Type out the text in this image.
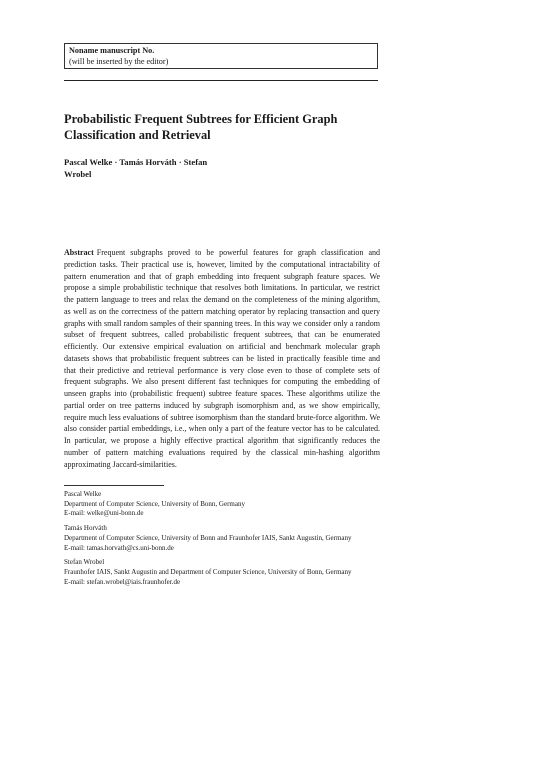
Noname manuscript No.
(will be inserted by the editor)
Probabilistic Frequent Subtrees for Efficient Graph
Classification and Retrieval
Pascal Welke · Tamás Horváth · Stefan
Wrobel
Abstract Frequent subgraphs proved to be powerful features for graph classification and prediction tasks. Their practical use is, however, limited by the computational intractability of pattern enumeration and that of graph embedding into frequent subgraph feature spaces. We propose a simple probabilistic technique that resolves both limitations. In particular, we restrict the pattern language to trees and relax the demand on the completeness of the mining algorithm, as well as on the correctness of the pattern matching operator by replacing transaction and query graphs with small random samples of their spanning trees. In this way we consider only a random subset of frequent subtrees, called probabilistic frequent subtrees, that can be enumerated efficiently. Our extensive empirical evaluation on artificial and benchmark molecular graph datasets shows that probabilistic frequent subtrees can be listed in practically feasible time and that their predictive and retrieval performance is very close even to those of complete sets of frequent subgraphs. We also present different fast techniques for computing the embedding of unseen graphs into (probabilistic frequent) subtree feature spaces. These algorithms utilize the partial order on tree patterns induced by subgraph isomorphism and, as we show empirically, require much less evaluations of subtree isomorphism than the standard brute-force algorithm. We also consider partial embeddings, i.e., when only a part of the feature vector has to be calculated. In particular, we propose a highly effective practical algorithm that significantly reduces the number of pattern matching evaluations required by the classical min-hashing algorithm approximating Jaccard-similarities.
Pascal Welke
Department of Computer Science, University of Bonn, Germany
E-mail: welke@uni-bonn.de
Tamás Horváth
Department of Computer Science, University of Bonn and Fraunhofer IAIS, Sankt Augustin, Germany
E-mail: tamas.horvath@cs.uni-bonn.de
Stefan Wrobel
Fraunhofer IAIS, Sankt Augustin and Department of Computer Science, University of Bonn, Germany
E-mail: stefan.wrobel@iais.fraunhofer.de
